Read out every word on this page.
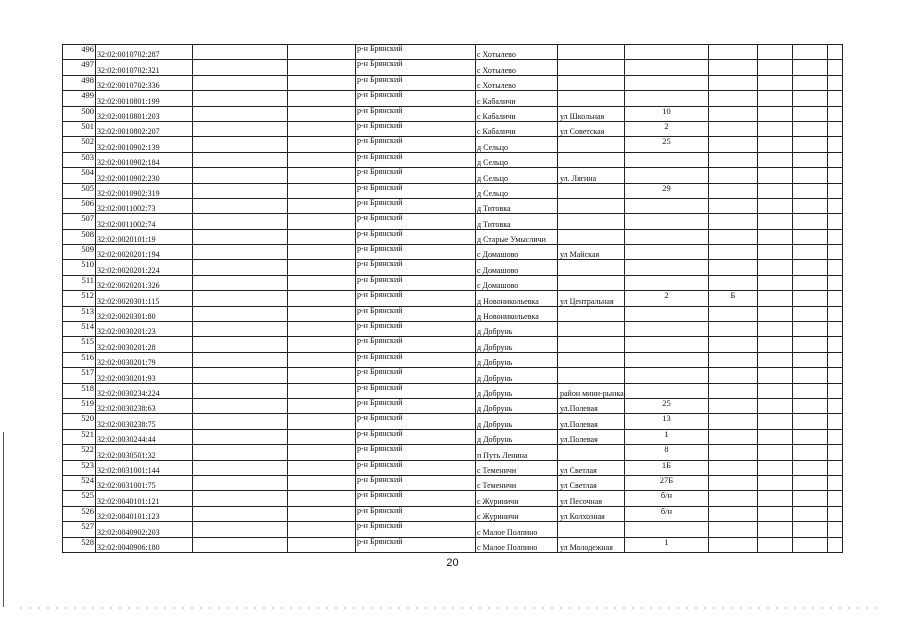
496	32:02:0010702:287			р-н Брянский	с Хотылево						
497	32:02:0010702:321			р-н Брянский	с Хотылево						
498	32:02:0010702:336			р-н Брянский	с Хотылево						
499	32:02:0010801:199			р-н Брянский	с Кабаличи						
500	32:02:0010801:203			р-н Брянский	с Кабаличи	ул Школьная	10				
501	32:02:0010802:207			р-н Брянский	с Кабаличи	ул Советская	2				
502	32:02:0010902:139			р-н Брянский	д Сельцо		25				
503	32:02:0010902:184			р-н Брянский	д Сельцо						
504	32:02:0010902:230			р-н Брянский	д Сельцо	ул. Лягина					
505	32:02:0010902:319			р-н Брянский	д Сельцо		29				
506	32:02:0011002:73			р-н Брянский	д Титовка						
507	32:02:0011002:74			р-н Брянский	д Титовка						
508	32:02:0020101:19			р-н Брянский	д Старые Умысличи						
509	32:02:0020201:194			р-н Брянский	с Домашово	ул Майская					
510	32:02:0020201:224			р-н Брянский	с Домашово						
511	32:02:0020201:326			р-н Брянский	с Домашово						
512	32:02:0020301:115			р-н Брянский	д Новоникольевка	ул Центральная	2	Б			
513	32:02:0020301:80			р-н Брянский	д Новоникольевка						
514	32:02:0030201:23			р-н Брянский	д Добрунь						
515	32:02:0030201:28			р-н Брянский	д Добрунь						
516	32:02:0030201:79			р-н Брянский	д Добрунь						
517	32:02:0030201:93			р-н Брянский	д Добрунь						
518	32:02:0030234:224			р-н Брянский	д Добрунь	район мини-рынка					
519	32:02:0030238:63			р-н Брянский	д Добрунь	ул.Полевая	25				
520	32:02:0030238:75			р-н Брянский	д Добрунь	ул.Полевая	13				
521	32:02:0030244:44			р-н Брянский	д Добрунь	ул.Полевая	1				
522	32:02:0030501:32			р-н Брянский	п Путь Ленина		8				
523	32:02:0031001:144			р-н Брянский	с Теменичи	ул Светлая	1Б				
524	32:02:0031001:75			р-н Брянский	с Теменичи	ул Светлая	27Б				
525	32:02:0040101:121			р-н Брянский	с Журиничи	ул Песочная	б/н				
526	32:02:0040101:123			р-н Брянский	с Журиничи	ул Колхозная	б/н				
527	32:02:0040902:203			р-н Брянский	с Малое Полпино						
528	32:02:0040906:180			р-н Брянский	с Малое Полпино	ул Молодежная	1				
20
